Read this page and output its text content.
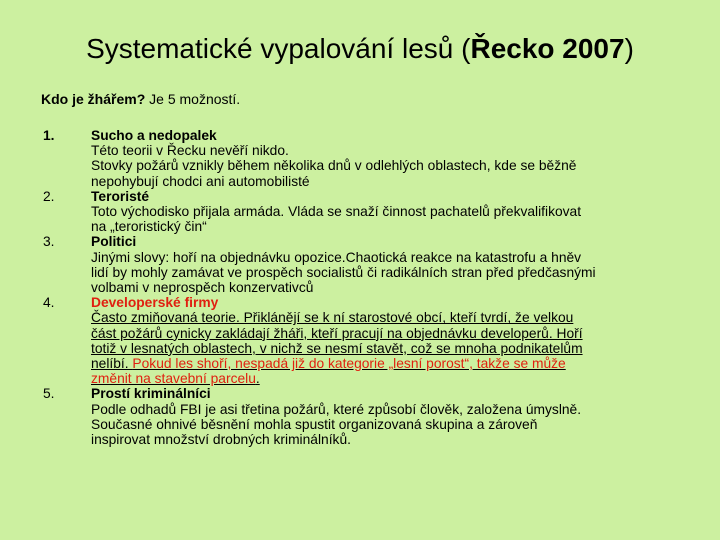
Systematické vypalování lesů (Řecko 2007)
Kdo je žhářem? Je 5 možností.
1.	Sucho a nedopalek
Této teorii v Řecku nevěří nikdo.
Stovky požárů vznikly během několika dnů v odlehlých oblastech, kde se běžně
nepohybují chodci ani automobilisté
2.	Teroristé
Toto východisko přijala armáda. Vláda se snaží činnost pachatelů překvalifikovat
na „teroristický čin“
3.	Politici
Jinými slovy: hoří na objednávku opozice.Chaotická reakce na katastrofu a hněv
lidí by mohly zamávat ve prospěch socialistů či radikálních stran před předčasnými
volbami v neprospěch konzervativců
4.	Developerské firmy
Často zmiňovaná teorie. Přiklánějí se k ní starostové obcí, kteří tvrdí, že velkou
část požárů cynicky zakládají žháři, kteří pracují na objednávku developerů. Hoří
totiž v lesnatých oblastech, v nichž se nesmí stavět, což se mnoha podnikatelům
nelíbí. Pokud les shoří, nespadá již do kategorie „lesní porost“, takže se může
změnit na stavební parcelu.
5.	Prostí kriminálníci
Podle odhadů FBI je asi třetina požárů, které způsobí člověk, založena úmyslně.
Současné ohnivé běsnění mohla spustit organizovaná skupina a zároveň
inspirovat množství drobných kriminálníků.
